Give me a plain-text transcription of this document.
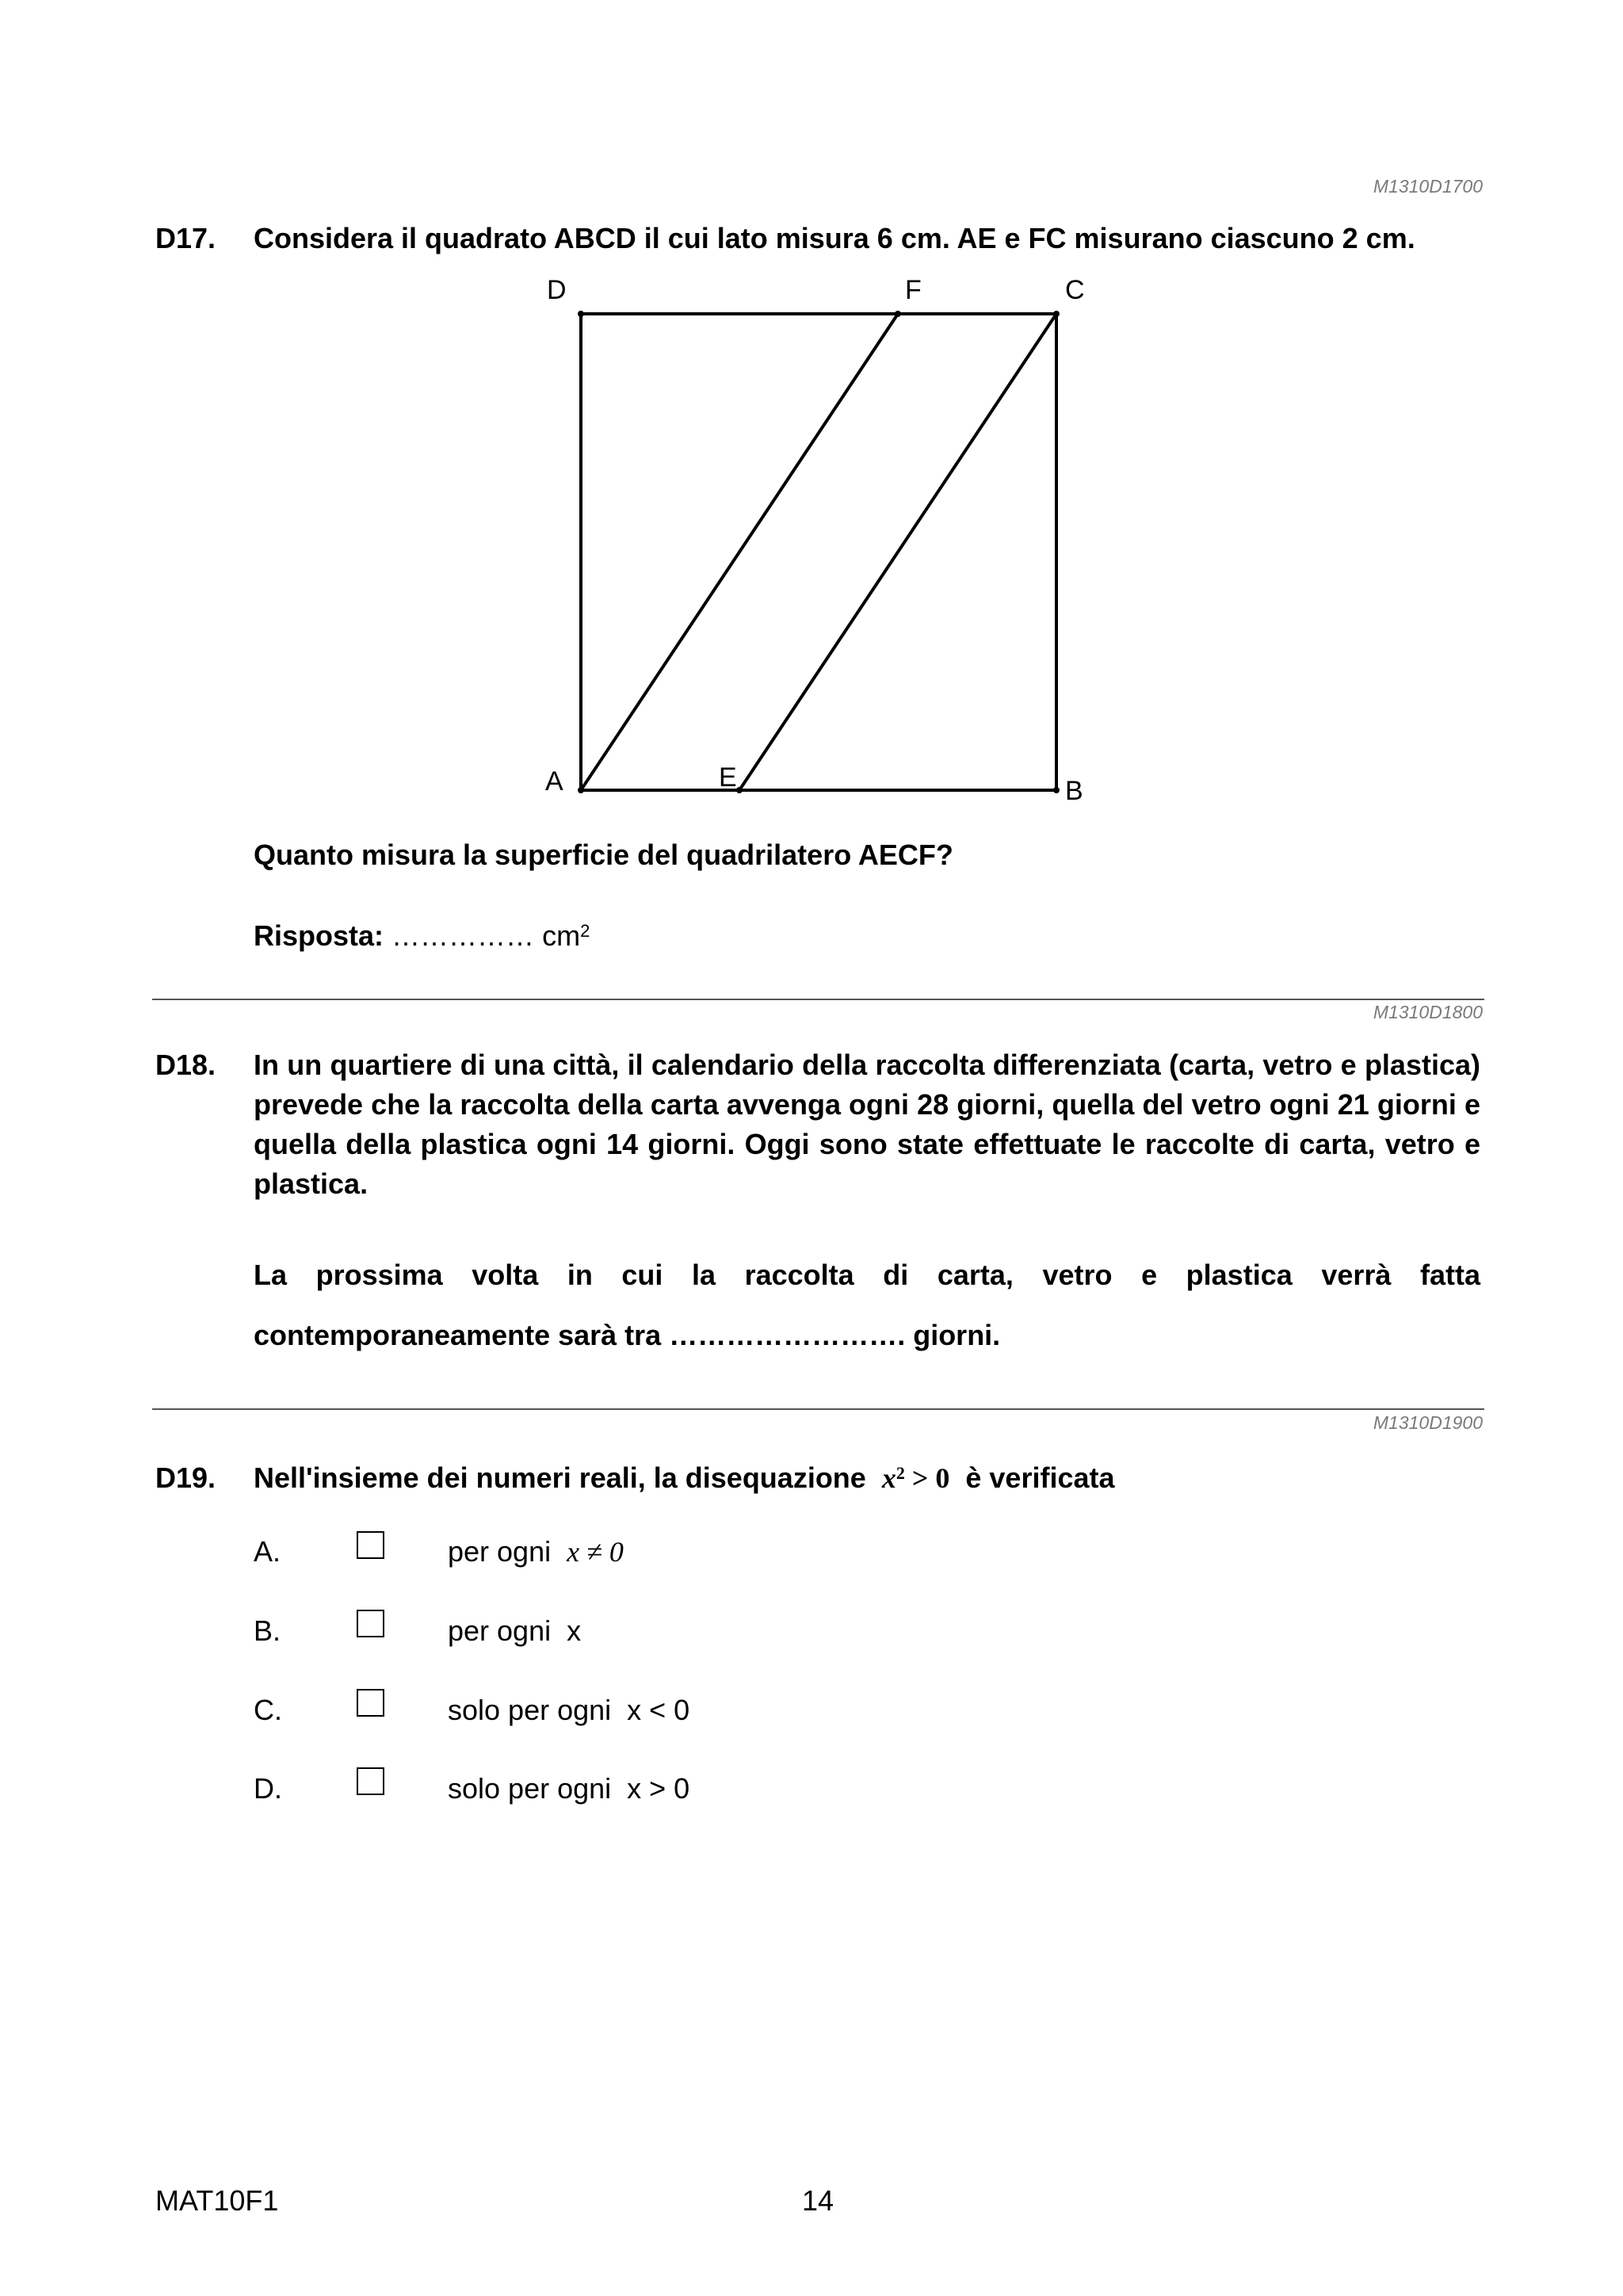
M1310D1700
D17. Considera il quadrato ABCD il cui lato misura 6 cm. AE e FC misurano ciascuno 2 cm.
D	F	C
A	E	B
Quanto misura la superficie del quadrilatero AECF?
Risposta: …………… $cm^2$
M1310D1800
D18. In un quartiere di una città, il calendario della raccolta differenziata (carta, vetro e plastica) prevede che la raccolta della carta avvenga ogni 28 giorni, quella del vetro ogni 21 giorni e quella della plastica ogni 14 giorni. Oggi sono state effettuate le raccolte di carta, vetro e plastica.
La prossima volta in cui la raccolta di carta, vetro e plastica verrà fatta contemporaneamente sarà tra ……………………. giorni.
M1310D1900
D19. Nell'insieme dei numeri reali, la disequazione $x^2 > 0$ è verificata
A.	per ogni x ≠ 0
B.	per ogni x
C.	solo per ogni x < 0
D.	solo per ogni x > 0
MAT10F1	14
